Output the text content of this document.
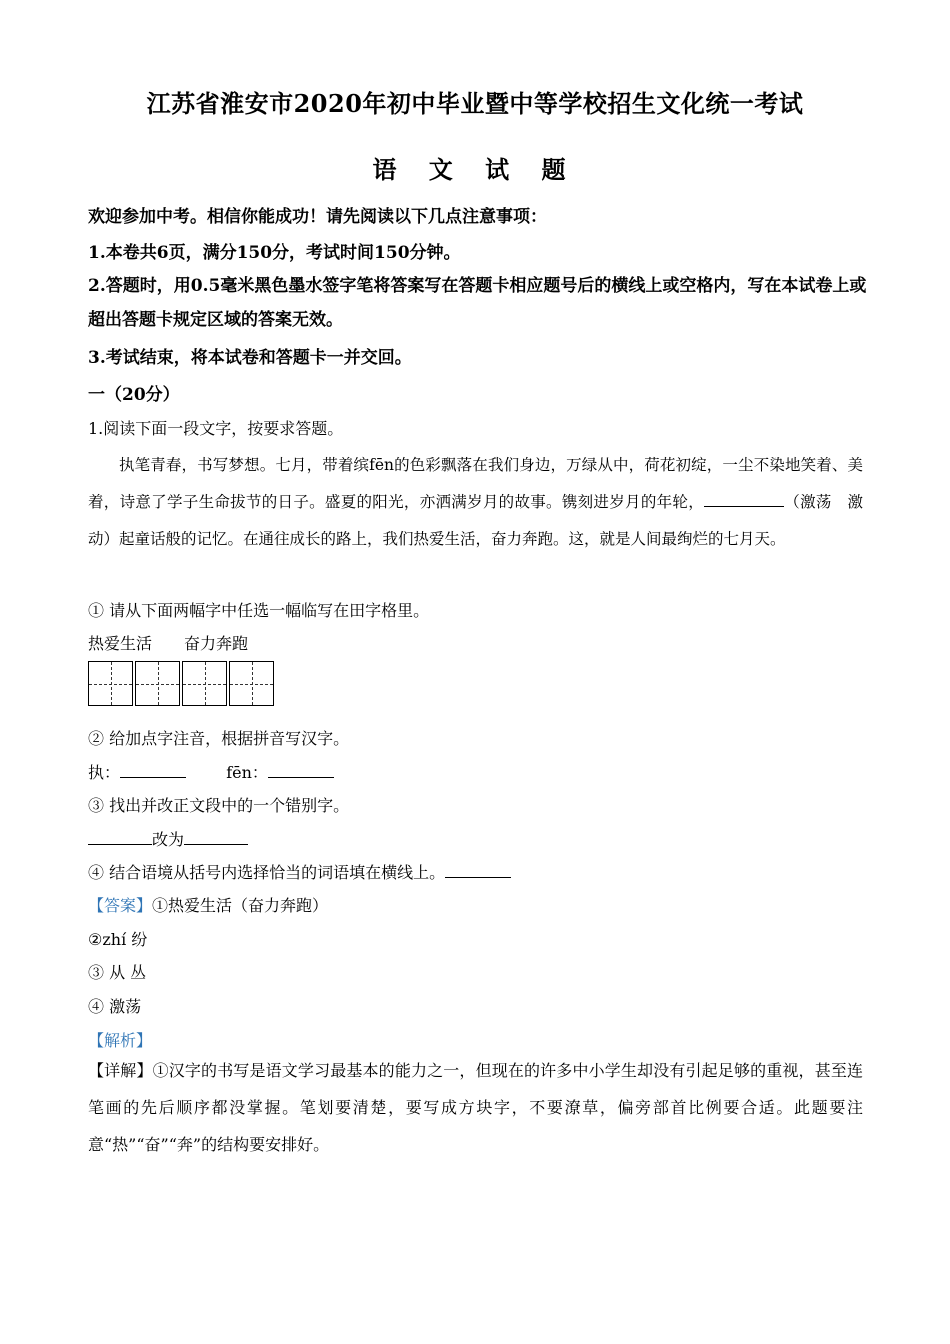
江苏省淮安市2020年初中毕业暨中等学校招生文化统一考试
语 文 试 题
欢迎参加中考。相信你能成功！请先阅读以下几点注意事项：
1.本卷共6页，满分150分，考试时间150分钟。
2.答题时，用0.5毫米黑色墨水签字笔将答案写在答题卡相应题号后的横线上或空格内，写在本试卷上或超出答题卡规定区域的答案无效。
3.考试结束，将本试卷和答题卡一并交回。
一（20分）
1.阅读下面一段文字，按要求答题。

执笔青春，书写梦想。七月，带着缤fēn的色彩飘落在我们身边，万绿从中，荷花初绽，一尘不染地笑着、美着，诗意了学子生命拔节的日子。盛夏的阳光，亦洒满岁月的故事。镌刻进岁月的年轮，	（激荡　激动）起童话般的记忆。在通往成长的路上，我们热爱生活，奋力奔跑。这，就是人间最绚烂的七月天。

① 请从下面两幅字中任选一幅临写在田字格里。
热爱生活　　奋力奔跑
② 给加点字注音，根据拼音写汉字。
执：	fēn：
③ 找出并改正文段中的一个错别字。
改为
④ 结合语境从括号内选择恰当的词语填在横线上。
【答案】①热爱生活（奋力奔跑）
②zhí 纷
③ 从 丛
④ 激荡
【解析】
【详解】①汉字的书写是语文学习最基本的能力之一，但现在的许多中小学生却没有引起足够的重视，甚至连笔画的先后顺序都没掌握。笔划要清楚，要写成方块字，不要潦草，偏旁部首比例要合适。此题要注意“热”“奋”“奔”的结构要安排好。
